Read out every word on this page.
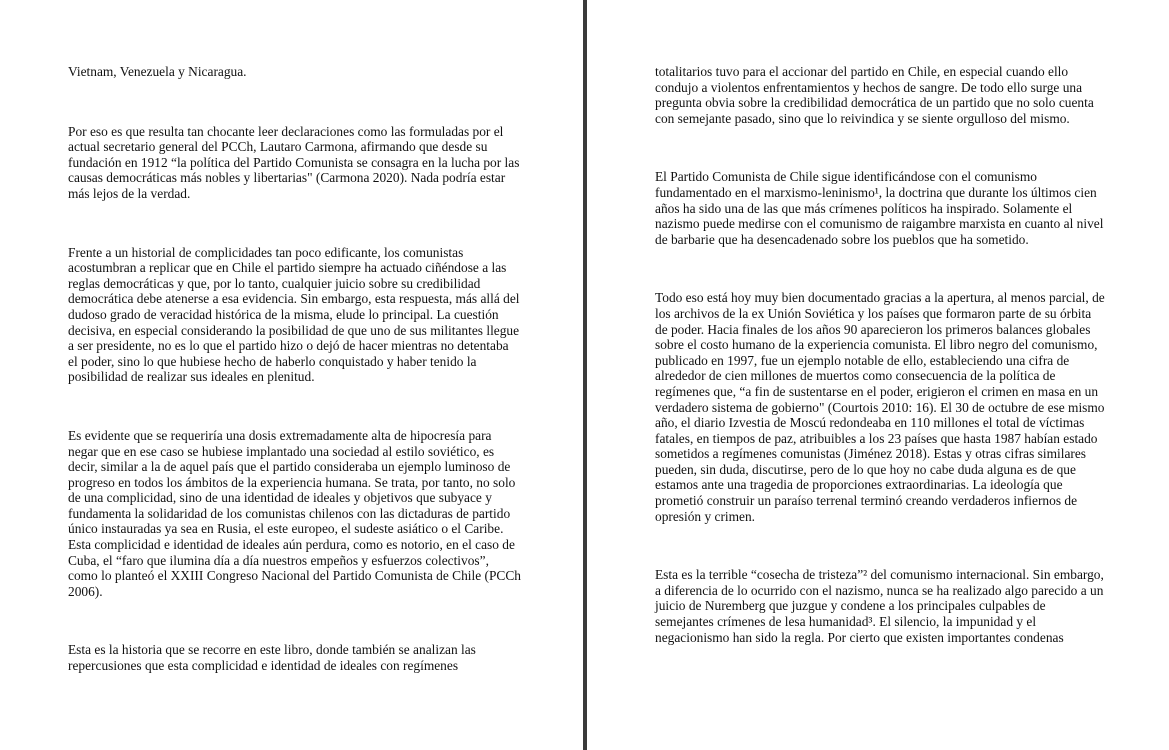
Vietnam, Venezuela y Nicaragua.

Por eso es que resulta tan chocante leer declaraciones como las formuladas por el actual secretario general del PCCh, Lautaro Carmona, afirmando que desde su fundación en 1912 “la política del Partido Comunista se consagra en la lucha por las causas democráticas más nobles y libertarias" (Carmona 2020). Nada podría estar más lejos de la verdad.

Frente a un historial de complicidades tan poco edificante, los comunistas acostumbran a replicar que en Chile el partido siempre ha actuado ciñéndose a las reglas democráticas y que, por lo tanto, cualquier juicio sobre su credibilidad democrática debe atenerse a esa evidencia. Sin embargo, esta respuesta, más allá del dudoso grado de veracidad histórica de la misma, elude lo principal. La cuestión decisiva, en especial considerando la posibilidad de que uno de sus militantes llegue a ser presidente, no es lo que el partido hizo o dejó de hacer mientras no detentaba el poder, sino lo que hubiese hecho de haberlo conquistado y haber tenido la posibilidad de realizar sus ideales en plenitud.

Es evidente que se requeriría una dosis extremadamente alta de hipocresía para negar que en ese caso se hubiese implantado una sociedad al estilo soviético, es decir, similar a la de aquel país que el partido consideraba un ejemplo luminoso de progreso en todos los ámbitos de la experiencia humana. Se trata, por tanto, no solo de una complicidad, sino de una identidad de ideales y objetivos que subyace y fundamenta la solidaridad de los comunistas chilenos con las dictaduras de partido único instauradas ya sea en Rusia, el este europeo, el sudeste asiático o el Caribe. Esta complicidad e identidad de ideales aún perdura, como es notorio, en el caso de Cuba, el “faro que ilumina día a día nuestros empeños y esfuerzos colectivos”, como lo planteó el XXIII Congreso Nacional del Partido Comunista de Chile (PCCh 2006).

Esta es la historia que se recorre en este libro, donde también se analizan las repercusiones que esta complicidad e identidad de ideales con regímenes

totalitarios tuvo para el accionar del partido en Chile, en especial cuando ello condujo a violentos enfrentamientos y hechos de sangre. De todo ello surge una pregunta obvia sobre la credibilidad democrática de un partido que no solo cuenta con semejante pasado, sino que lo reivindica y se siente orgulloso del mismo.

El Partido Comunista de Chile sigue identificándose con el comunismo fundamentado en el marxismo-leninismo¹, la doctrina que durante los últimos cien años ha sido una de las que más crímenes políticos ha inspirado. Solamente el nazismo puede medirse con el comunismo de raigambre marxista en cuanto al nivel de barbarie que ha desencadenado sobre los pueblos que ha sometido.

Todo eso está hoy muy bien documentado gracias a la apertura, al menos parcial, de los archivos de la ex Unión Soviética y los países que formaron parte de su órbita de poder. Hacia finales de los años 90 aparecieron los primeros balances globales sobre el costo humano de la experiencia comunista. El libro negro del comunismo, publicado en 1997, fue un ejemplo notable de ello, estableciendo una cifra de alrededor de cien millones de muertos como consecuencia de la política de regímenes que, “a fin de sustentarse en el poder, erigieron el crimen en masa en un verdadero sistema de gobierno" (Courtois 2010: 16). El 30 de octubre de ese mismo año, el diario Izvestia de Moscú redondeaba en 110 millones el total de víctimas fatales, en tiempos de paz, atribuibles a los 23 países que hasta 1987 habían estado sometidos a regímenes comunistas (Jiménez 2018). Estas y otras cifras similares pueden, sin duda, discutirse, pero de lo que hoy no cabe duda alguna es de que estamos ante una tragedia de proporciones extraordinarias. La ideología que prometió construir un paraíso terrenal terminó creando verdaderos infiernos de opresión y crimen.

Esta es la terrible “cosecha de tristeza”² del comunismo internacional. Sin embargo, a diferencia de lo ocurrido con el nazismo, nunca se ha realizado algo parecido a un juicio de Nuremberg que juzgue y condene a los principales culpables de semejantes crímenes de lesa humanidad³. El silencio, la impunidad y el negacionismo han sido la regla. Por cierto que existen importantes condenas
